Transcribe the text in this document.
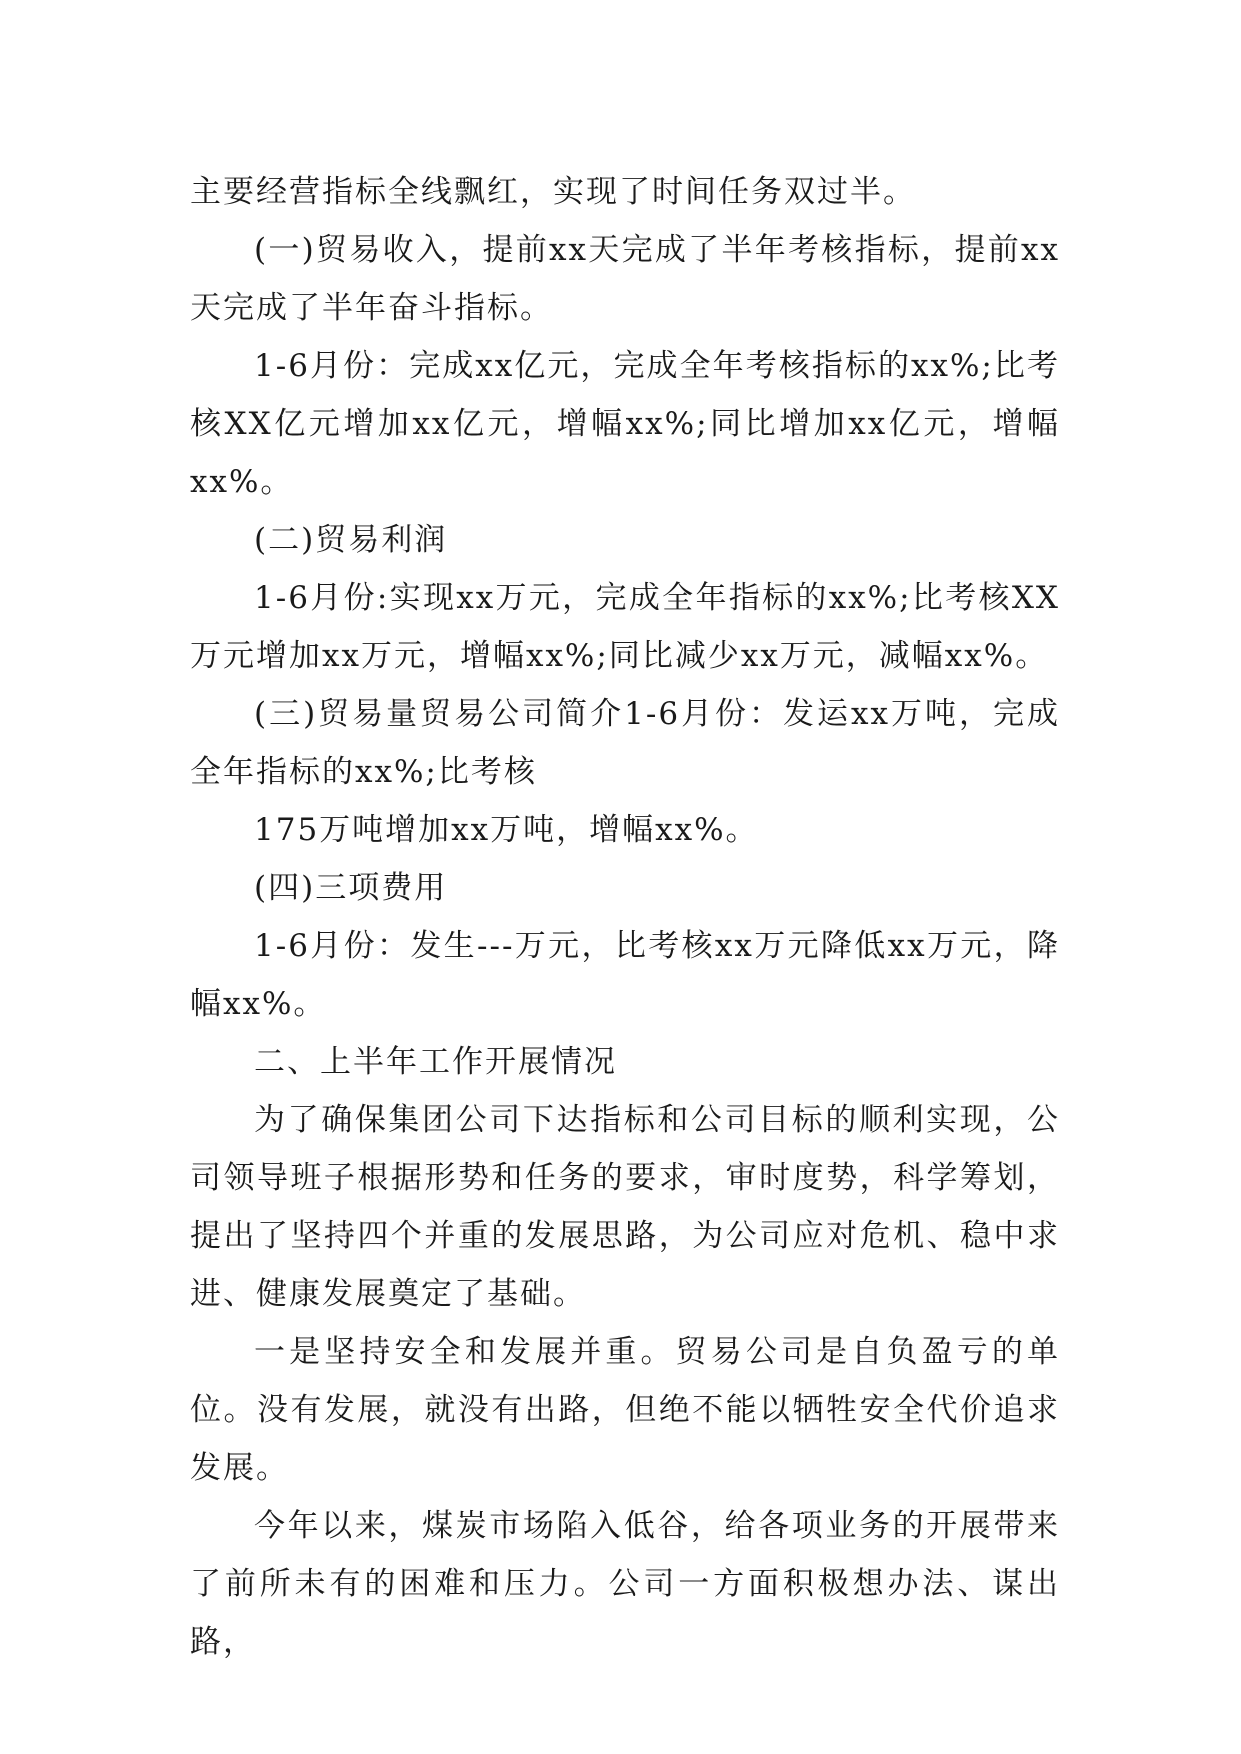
主要经营指标全线飘红，实现了时间任务双过半。

(一)贸易收入，提前xx天完成了半年考核指标，提前xx天完成了半年奋斗指标。

1-6月份：完成xx亿元，完成全年考核指标的xx%;比考核XX亿元增加xx亿元，增幅xx%;同比增加xx亿元，增幅xx%。

(二)贸易利润

1-6月份:实现xx万元，完成全年指标的xx%;比考核XX万元增加xx万元，增幅xx%;同比减少xx万元，减幅xx%。

(三)贸易量贸易公司简介1-6月份：发运xx万吨，完成全年指标的xx%;比考核

175万吨增加xx万吨，增幅xx%。

(四)三项费用

1-6月份：发生---万元，比考核xx万元降低xx万元，降幅xx%。

二、上半年工作开展情况

为了确保集团公司下达指标和公司目标的顺利实现，公司领导班子根据形势和任务的要求，审时度势，科学筹划，提出了坚持四个并重的发展思路，为公司应对危机、稳中求进、健康发展奠定了基础。

一是坚持安全和发展并重。贸易公司是自负盈亏的单位。没有发展，就没有出路，但绝不能以牺牲安全代价追求发展。

今年以来，煤炭市场陷入低谷，给各项业务的开展带来了前所未有的困难和压力。公司一方面积极想办法、谋出路，
